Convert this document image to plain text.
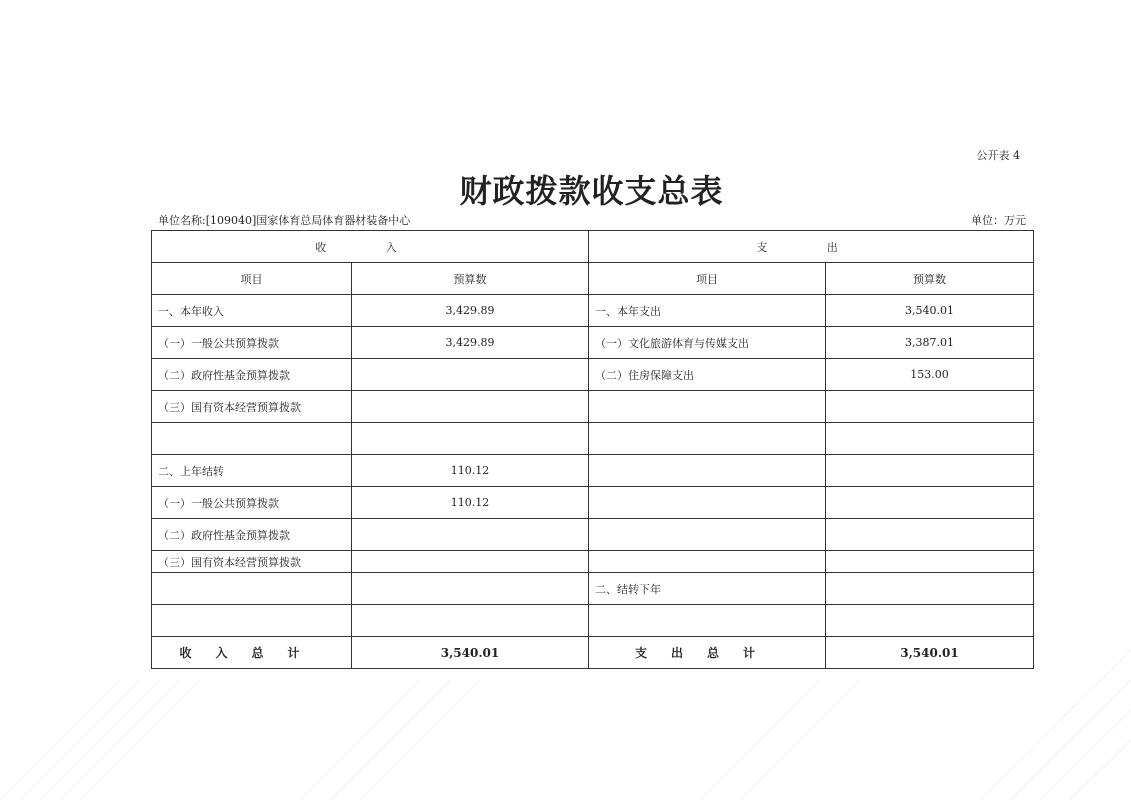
公开表 4
财政拨款收支总表
单位名称:[109040]国家体育总局体育器材装备中心	单位：万元
收 入		支 出	
项目	预算数	项目	预算数
一、本年收入	3,429.89	一、本年支出	3,540.01
（一）一般公共预算拨款	3,429.89	（一）文化旅游体育与传媒支出	3,387.01
（二）政府性基金预算拨款		（二）住房保障支出	153.00
（三）国有资本经营预算拨款			

二、上年结转	110.12		
（一）一般公共预算拨款	110.12		
（二）政府性基金预算拨款			
（三）国有资本经营预算拨款			
		二、结转下年	

收入总计	3,540.01	支出总计	3,540.01
